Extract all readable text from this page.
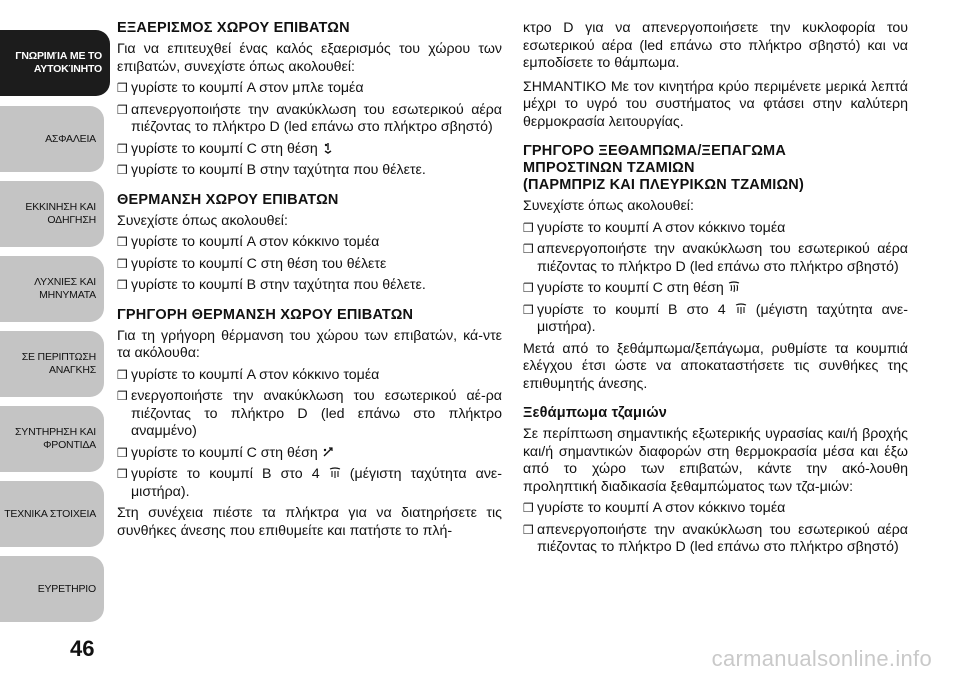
ΓΝΩΡΙΜΊΑ ΜΕ ΤΟ
ΑΥΤΟΚΊΝΗΤΟ
ΑΣΦΑΛΕΙΑ
ΕΚΚΙΝΗΣΗ ΚΑΙ
ΟΔΗΓΗΣΗ
ΛΥΧΝΙΕΣ ΚΑΙ
ΜΗΝΥΜΑΤΑ
ΣΕ ΠΕΡΙΠΤΩΣΗ
ΑΝΑΓΚΗΣ
ΣΥΝΤΗΡΗΣΗ ΚΑΙ
ΦΡΟΝΤΙΔΑ
ΤΕΧΝΙΚΑ ΣΤΟΙΧΕΙΑ
ΕΥΡΕΤΗΡΙΟ
46
ΕΞΑΕΡΙΣΜΟΣ ΧΩΡΟΥ ΕΠΙΒΑΤΩΝ

Για να επιτευχθεί ένας καλός εξαερισμός του χώρου των επιβατών, συνεχίστε όπως ακολουθεί:

❒ γυρίστε το κουμπί A στον μπλε τομέα
❒ απενεργοποιήστε την ανακύκλωση του εσωτερικού αέρα πιέζοντας το πλήκτρο D (led επάνω στο πλήκτρο σβηστό)
❒ γυρίστε το κουμπί C στη θέση
❒ γυρίστε το κουμπί B στην ταχύτητα που θέλετε.
ΘΕΡΜΑΝΣΗ ΧΩΡΟΥ ΕΠΙΒΑΤΩΝ

Συνεχίστε όπως ακολουθεί:

❒ γυρίστε το κουμπί A στον κόκκινο τομέα
❒ γυρίστε το κουμπί C στη θέση του θέλετε
❒ γυρίστε το κουμπί B στην ταχύτητα που θέλετε.
ΓΡΗΓΟΡΗ ΘΕΡΜΑΝΣΗ ΧΩΡΟΥ ΕΠΙΒΑΤΩΝ

Για τη γρήγορη θέρμανση του χώρου των επιβατών, κά-ντε τα ακόλουθα:

❒ γυρίστε το κουμπί A στον κόκκινο τομέα
❒ ενεργοποιήστε την ανακύκλωση του εσωτερικού αέ-ρα πιέζοντας το πλήκτρο D (led επάνω στο πλήκτρο αναμμένο)
❒ γυρίστε το κουμπί C στη θέση
❒ γυρίστε το κουμπί B στο 4 (μέγιστη ταχύτητα ανε-μιστήρα).

Στη συνέχεια πιέστε τα πλήκτρα για να διατηρήσετε τις συνθήκες άνεσης που επιθυμείτε και πατήστε το πλή-

κτρο D για να απενεργοποιήσετε την κυκλοφορία του εσωτερικού αέρα (led επάνω στο πλήκτρο σβηστό) και να εμποδίσετε το θάμπωμα.

ΣΗΜΑΝΤΙΚΟ Με τον κινητήρα κρύο περιμένετε μερικά λεπτά μέχρι το υγρό του συστήματος να φτάσει στην καλύτερη θερμοκρασία λειτουργίας.

ΓΡΗΓΟΡΟ ΞΕΘΑΜΠΩΜΑ/ΞΕΠΑΓΩΜΑ
ΜΠΡΟΣΤΙΝΩΝ ΤΖΑΜΙΩΝ
(ΠΑΡΜΠΡΙΖ ΚΑΙ ΠΛΕΥΡΙΚΩΝ ΤΖΑΜΙΩΝ)

Συνεχίστε όπως ακολουθεί:

❒ γυρίστε το κουμπί A στον κόκκινο τομέα
❒ απενεργοποιήστε την ανακύκλωση του εσωτερικού αέρα πιέζοντας το πλήκτρο D (led επάνω στο πλήκτρο σβηστό)
❒ γυρίστε το κουμπί C στη θέση
❒ γυρίστε το κουμπί B στο 4 (μέγιστη ταχύτητα ανε-μιστήρα).

Μετά από το ξεθάμπωμα/ξεπάγωμα, ρυθμίστε τα κουμπιά ελέγχου έτσι ώστε να αποκαταστήσετε τις συνθήκες της επιθυμητής άνεσης.

Ξεθάμπωμα τζαμιών

Σε περίπτωση σημαντικής εξωτερικής υγρασίας και/ή βροχής και/ή σημαντικών διαφορών στη θερμοκρασία μέσα και έξω από το χώρο των επιβατών, κάντε την ακό-λουθη προληπτική διαδικασία ξεθαμπώματος των τζα-μιών:

❒ γυρίστε το κουμπί A στον κόκκινο τομέα
❒ απενεργοποιήστε την ανακύκλωση του εσωτερικού αέρα πιέζοντας το πλήκτρο D (led επάνω στο πλήκτρο σβηστό)
carmanualsonline.info
